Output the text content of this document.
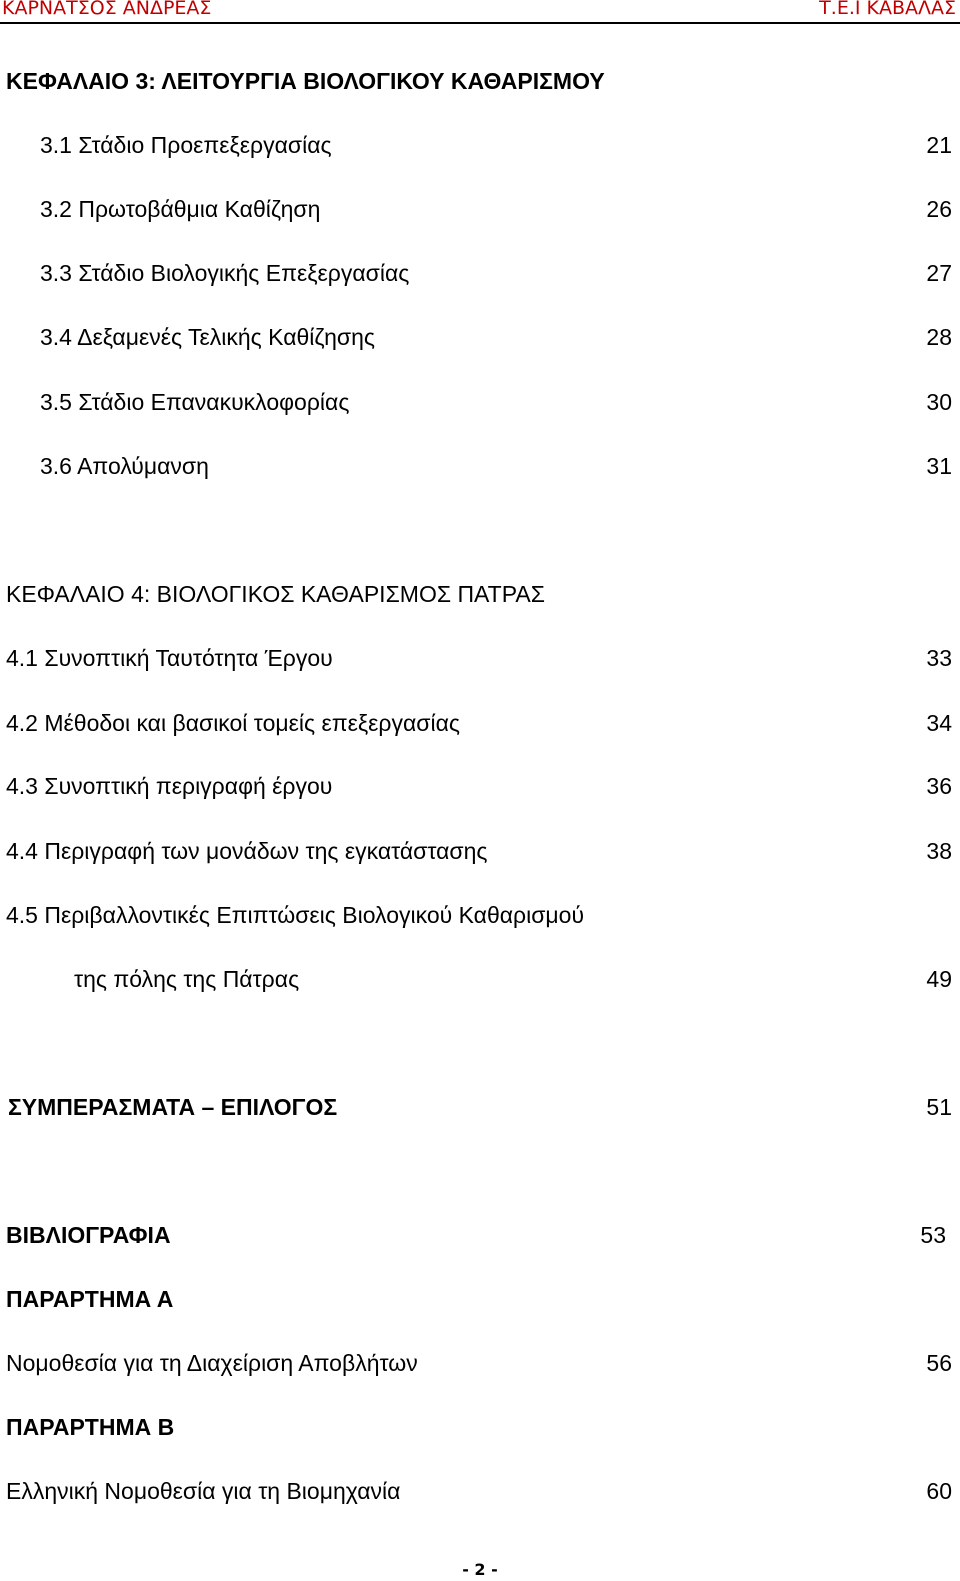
ΚΑΡΝΑΤΣΟΣ ΑΝΔΡΕΑΣ	Τ.Ε.Ι ΚΑΒΑΛΑΣ
ΚΕΦΑΛΑΙΟ 3: ΛΕΙΤΟΥΡΓΙΑ ΒΙΟΛΟΓΙΚΟΥ ΚΑΘΑΡΙΣΜΟΥ
3.1 Στάδιο Προεπεξεργασίας	21
3.2 Πρωτοβάθμια Καθίζηση	26
3.3 Στάδιο Βιολογικής Επεξεργασίας	27
3.4 Δεξαμενές Τελικής Καθίζησης	28
3.5 Στάδιο Επανακυκλοφορίας	30
3.6 Απολύμανση	31
ΚΕΦΑΛΑΙΟ 4: ΒΙΟΛΟΓΙΚΟΣ ΚΑΘΑΡΙΣΜΟΣ ΠΑΤΡΑΣ
4.1 Συνοπτική Ταυτότητα Έργου	33
4.2 Μέθοδοι και βασικοί τομείς επεξεργασίας	34
4.3 Συνοπτική περιγραφή έργου	36
4.4 Περιγραφή των μονάδων της εγκατάστασης	38
4.5 Περιβαλλοντικές Επιπτώσεις Βιολογικού Καθαρισμού
της πόλης της Πάτρας	49
ΣΥΜΠΕΡΑΣΜΑΤΑ – ΕΠΙΛΟΓΟΣ	51
ΒΙΒΛΙΟΓΡΑΦΙΑ	53
ΠΑΡΑΡΤΗΜΑ Α
Νομοθεσία για τη Διαχείριση Αποβλήτων	56
ΠΑΡΑΡΤΗΜΑ Β
Ελληνική Νομοθεσία για τη Βιομηχανία	60
- 2 -
